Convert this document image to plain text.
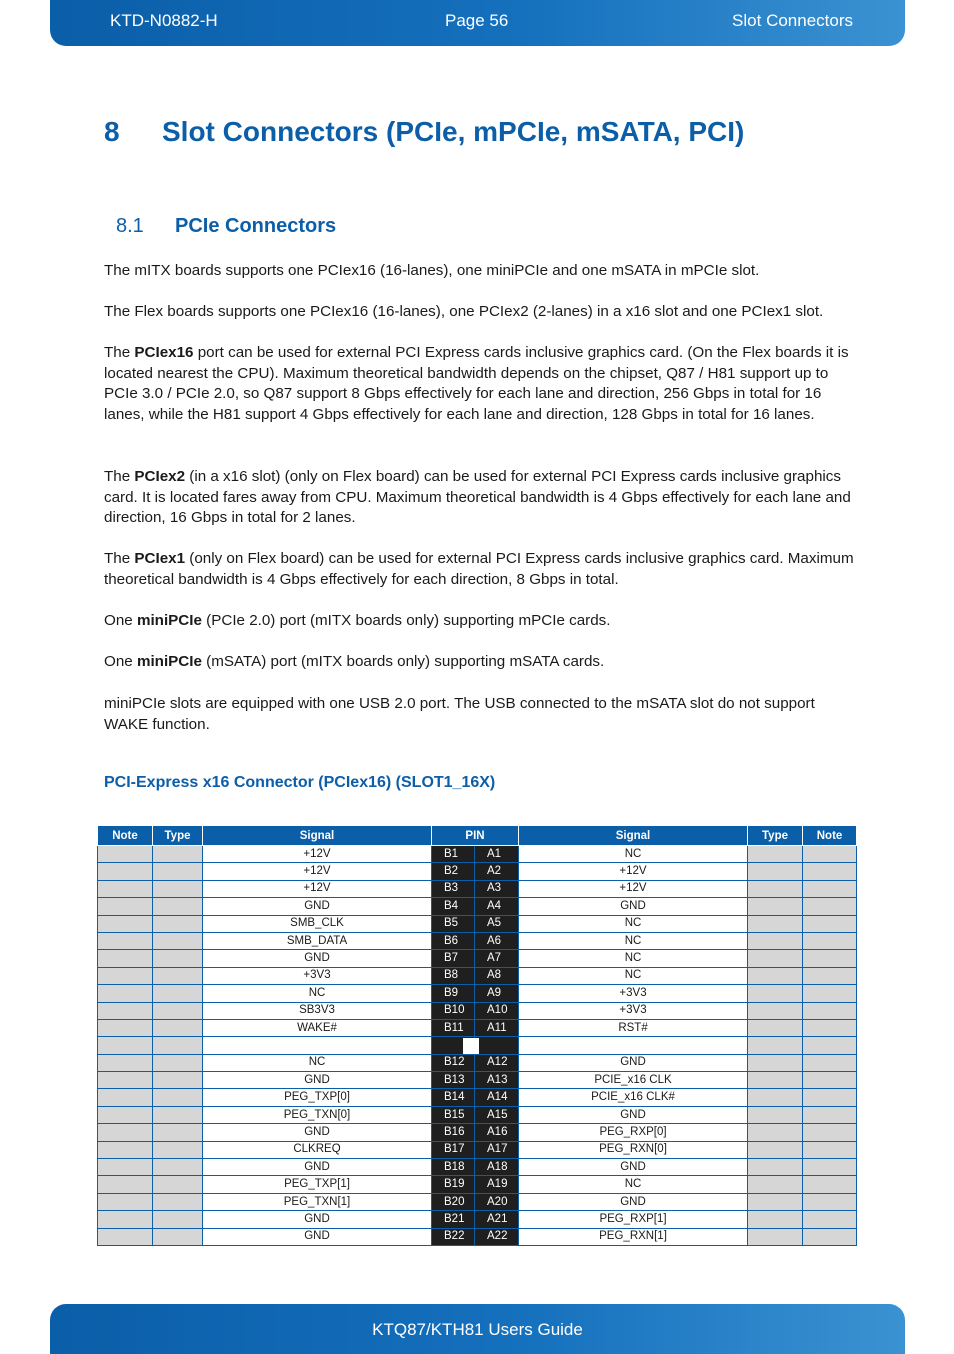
KTD-N0882-H	Page 56	Slot Connectors
8 Slot Connectors (PCIe, mPCIe, mSATA, PCI)
8.1 PCIe Connectors

The mITX boards supports one PCIex16 (16-lanes), one miniPCIe and one mSATA in mPCIe slot.

The Flex boards supports one PCIex16 (16-lanes), one PCIex2 (2-lanes) in a x16 slot and one PCIex1 slot.

The PCIex16 port can be used for external PCI Express cards inclusive graphics card. (On the Flex boards it is located nearest the CPU). Maximum theoretical bandwidth depends on the chipset, Q87 / H81 support up to PCIe 3.0 / PCIe 2.0, so Q87 support 8 Gbps effectively for each lane and direction, 256 Gbps in total for 16 lanes, while the H81 support 4 Gbps effectively for each lane and direction, 128 Gbps in total for 16 lanes.

The PCIex2 (in a x16 slot) (only on Flex board) can be used for external PCI Express cards inclusive graphics card. It is located fares away from CPU. Maximum theoretical bandwidth is 4 Gbps effectively for each lane and direction, 16 Gbps in total for 2 lanes.

The PCIex1 (only on Flex board) can be used for external PCI Express cards inclusive graphics card. Maximum theoretical bandwidth is 4 Gbps effectively for each direction, 8 Gbps in total.

One miniPCIe (PCIe 2.0) port (mITX boards only) supporting mPCIe cards.

One miniPCIe (mSATA) port (mITX boards only) supporting mSATA cards.

miniPCIe slots are equipped with one USB 2.0 port. The USB connected to the mSATA slot do not support WAKE function.

PCI-Express x16 Connector (PCIex16) (SLOT1_16X)
Note	Type	Signal	PIN		Signal	Type	Note
		+12V	B1	A1	NC		
		+12V	B2	A2	+12V		
		+12V	B3	A3	+12V		
		GND	B4	A4	GND		
		SMB_CLK	B5	A5	NC		
		SMB_DATA	B6	A6	NC		
		GND	B7	A7	NC		
		+3V3	B8	A8	NC		
		NC	B9	A9	+3V3		
		SB3V3	B10	A10	+3V3		
		WAKE#	B11	A11	RST#		

		NC	B12	A12	GND		
		GND	B13	A13	PCIE_x16 CLK		
		PEG_TXP[0]	B14	A14	PCIE_x16 CLK#		
		PEG_TXN[0]	B15	A15	GND		
		GND	B16	A16	PEG_RXP[0]		
		CLKREQ	B17	A17	PEG_RXN[0]		
		GND	B18	A18	GND		
		PEG_TXP[1]	B19	A19	NC		
		PEG_TXN[1]	B20	A20	GND		
		GND	B21	A21	PEG_RXP[1]		
		GND	B22	A22	PEG_RXN[1]		
KTQ87/KTH81 Users Guide
